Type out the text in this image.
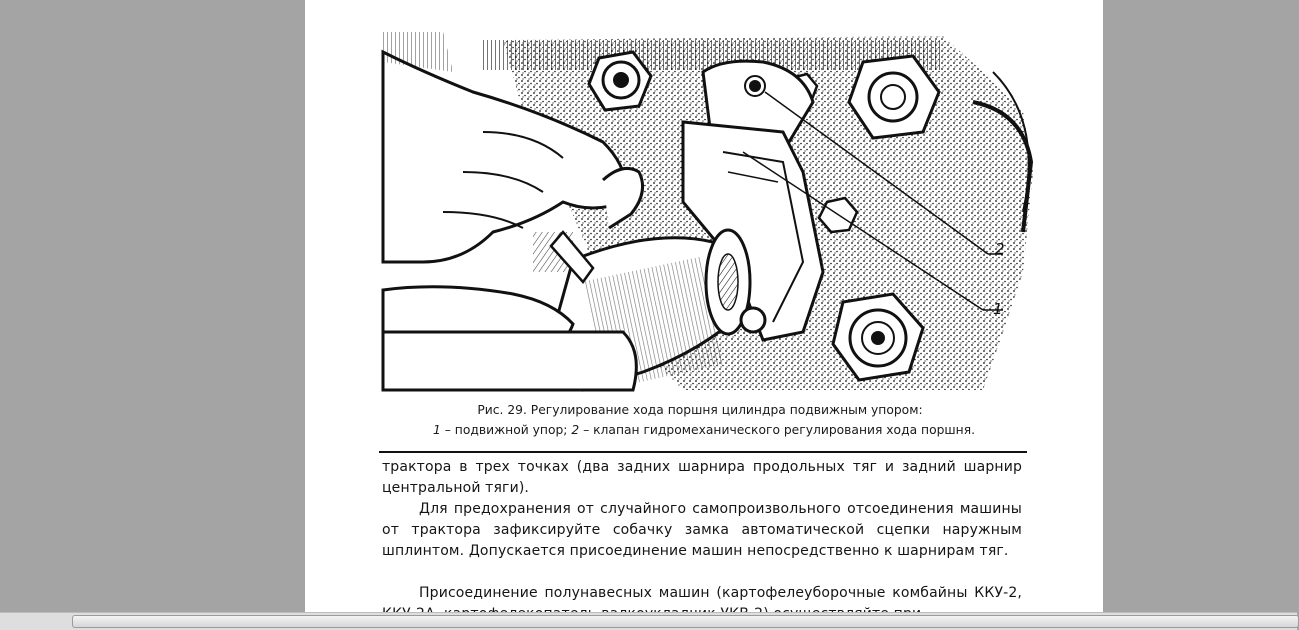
2
1
Рис. 29. Регулирование хода поршня цилиндра подвижным упором:
1 – подвижной упор; 2 – клапан гидромеханического регулирования хода поршня.
трактора в трех точках (два задних шарнира продольных тяг и задний шарнир центральной тяги).
Для предохранения от случайного самопроизвольного отсоединения машины от трактора зафиксируйте собачку замка автоматической сцепки наружным шплинтом. Допускается присоединение машин непосредственно к шарнирам тяг.
Присоединение полунавесных машин (картофелеуборочные комбайны ККУ-2,
